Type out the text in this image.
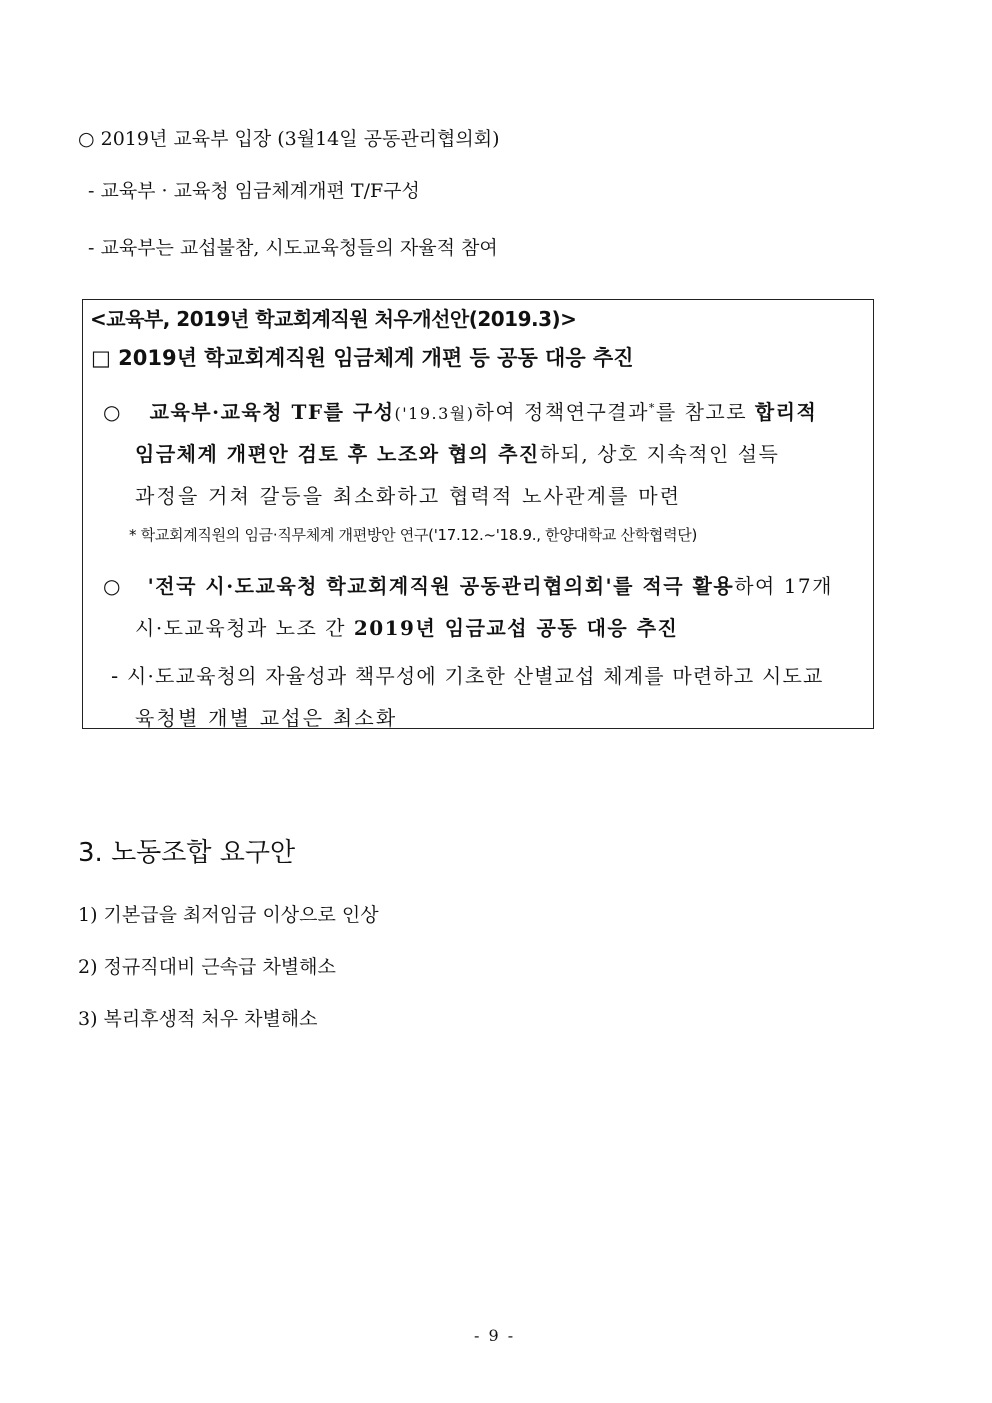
○ 2019년 교육부 입장 (3월14일 공동관리협의회)
- 교육부 · 교육청 임금체계개편 T/F구성
- 교육부는 교섭불참, 시도교육청들의 자율적 참여
<교육부, 2019년 학교회계직원 처우개선안(2019.3)>
□ 2019년 학교회계직원 임금체계 개편 등 공동 대응 추진
○ 교육부·교육청 TF를 구성('19.3월)하여 정책연구결과*를 참고로 합리적
임금체계 개편안 검토 후 노조와 협의 추진하되, 상호 지속적인 설득
과정을 거쳐 갈등을 최소화하고 협력적 노사관계를 마련
* 학교회계직원의 임금·직무체계 개편방안 연구('17.12.~'18.9., 한양대학교 산학협력단)
○ '전국 시·도교육청 학교회계직원 공동관리협의회'를 적극 활용하여 17개
시·도교육청과 노조 간 2019년 임금교섭 공동 대응 추진
- 시·도교육청의 자율성과 책무성에 기초한 산별교섭 체계를 마련하고 시도교
육청별 개별 교섭은 최소화
3. 노동조합 요구안
1) 기본급을 최저임금 이상으로 인상
2) 정규직대비 근속급 차별해소
3) 복리후생적 처우 차별해소
- 9 -
